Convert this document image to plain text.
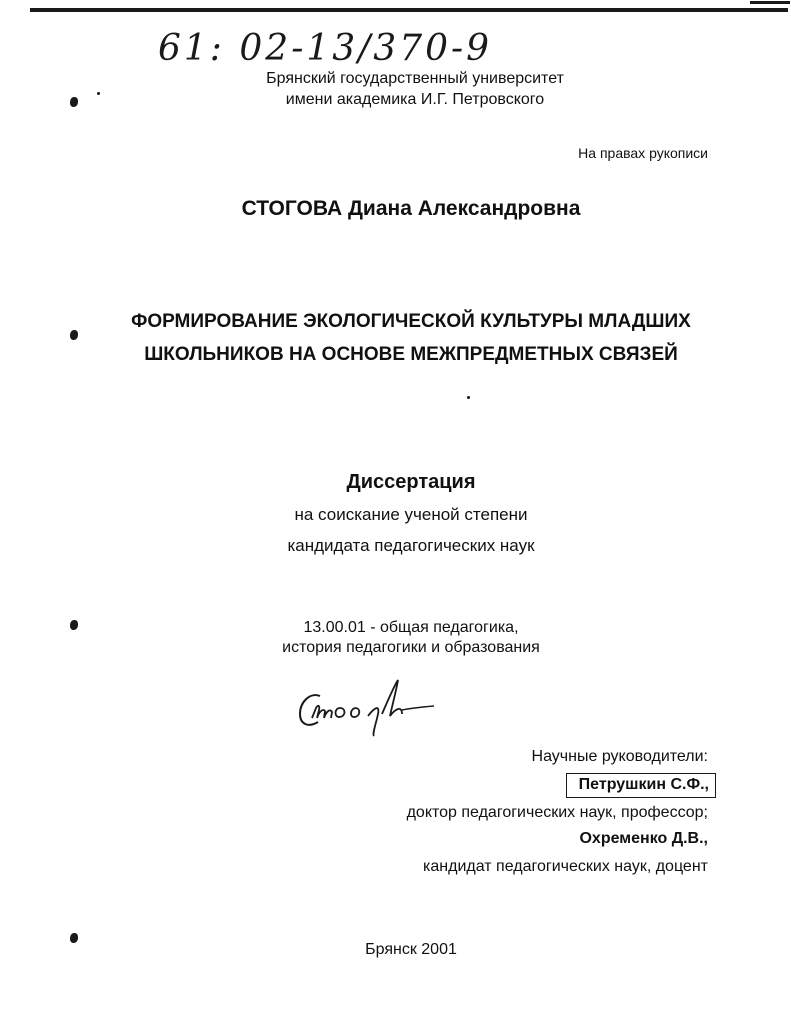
61: 02-13/370-9
Брянский государственный университет
имени академика И.Г. Петровского
На правах рукописи
СТОГОВА Диана Александровна
ФОРМИРОВАНИЕ ЭКОЛОГИЧЕСКОЙ КУЛЬТУРЫ МЛАДШИХ
ШКОЛЬНИКОВ НА ОСНОВЕ МЕЖПРЕДМЕТНЫХ СВЯЗЕЙ
Диссертация
на соискание ученой степени
кандидата педагогических наук
13.00.01 - общая педагогика,
история педагогики и образования
Научные руководители:
Петрушкин С.Ф.,
доктор педагогических наук, профессор;
Охременко Д.В.,
кандидат педагогических наук, доцент
Брянск 2001
